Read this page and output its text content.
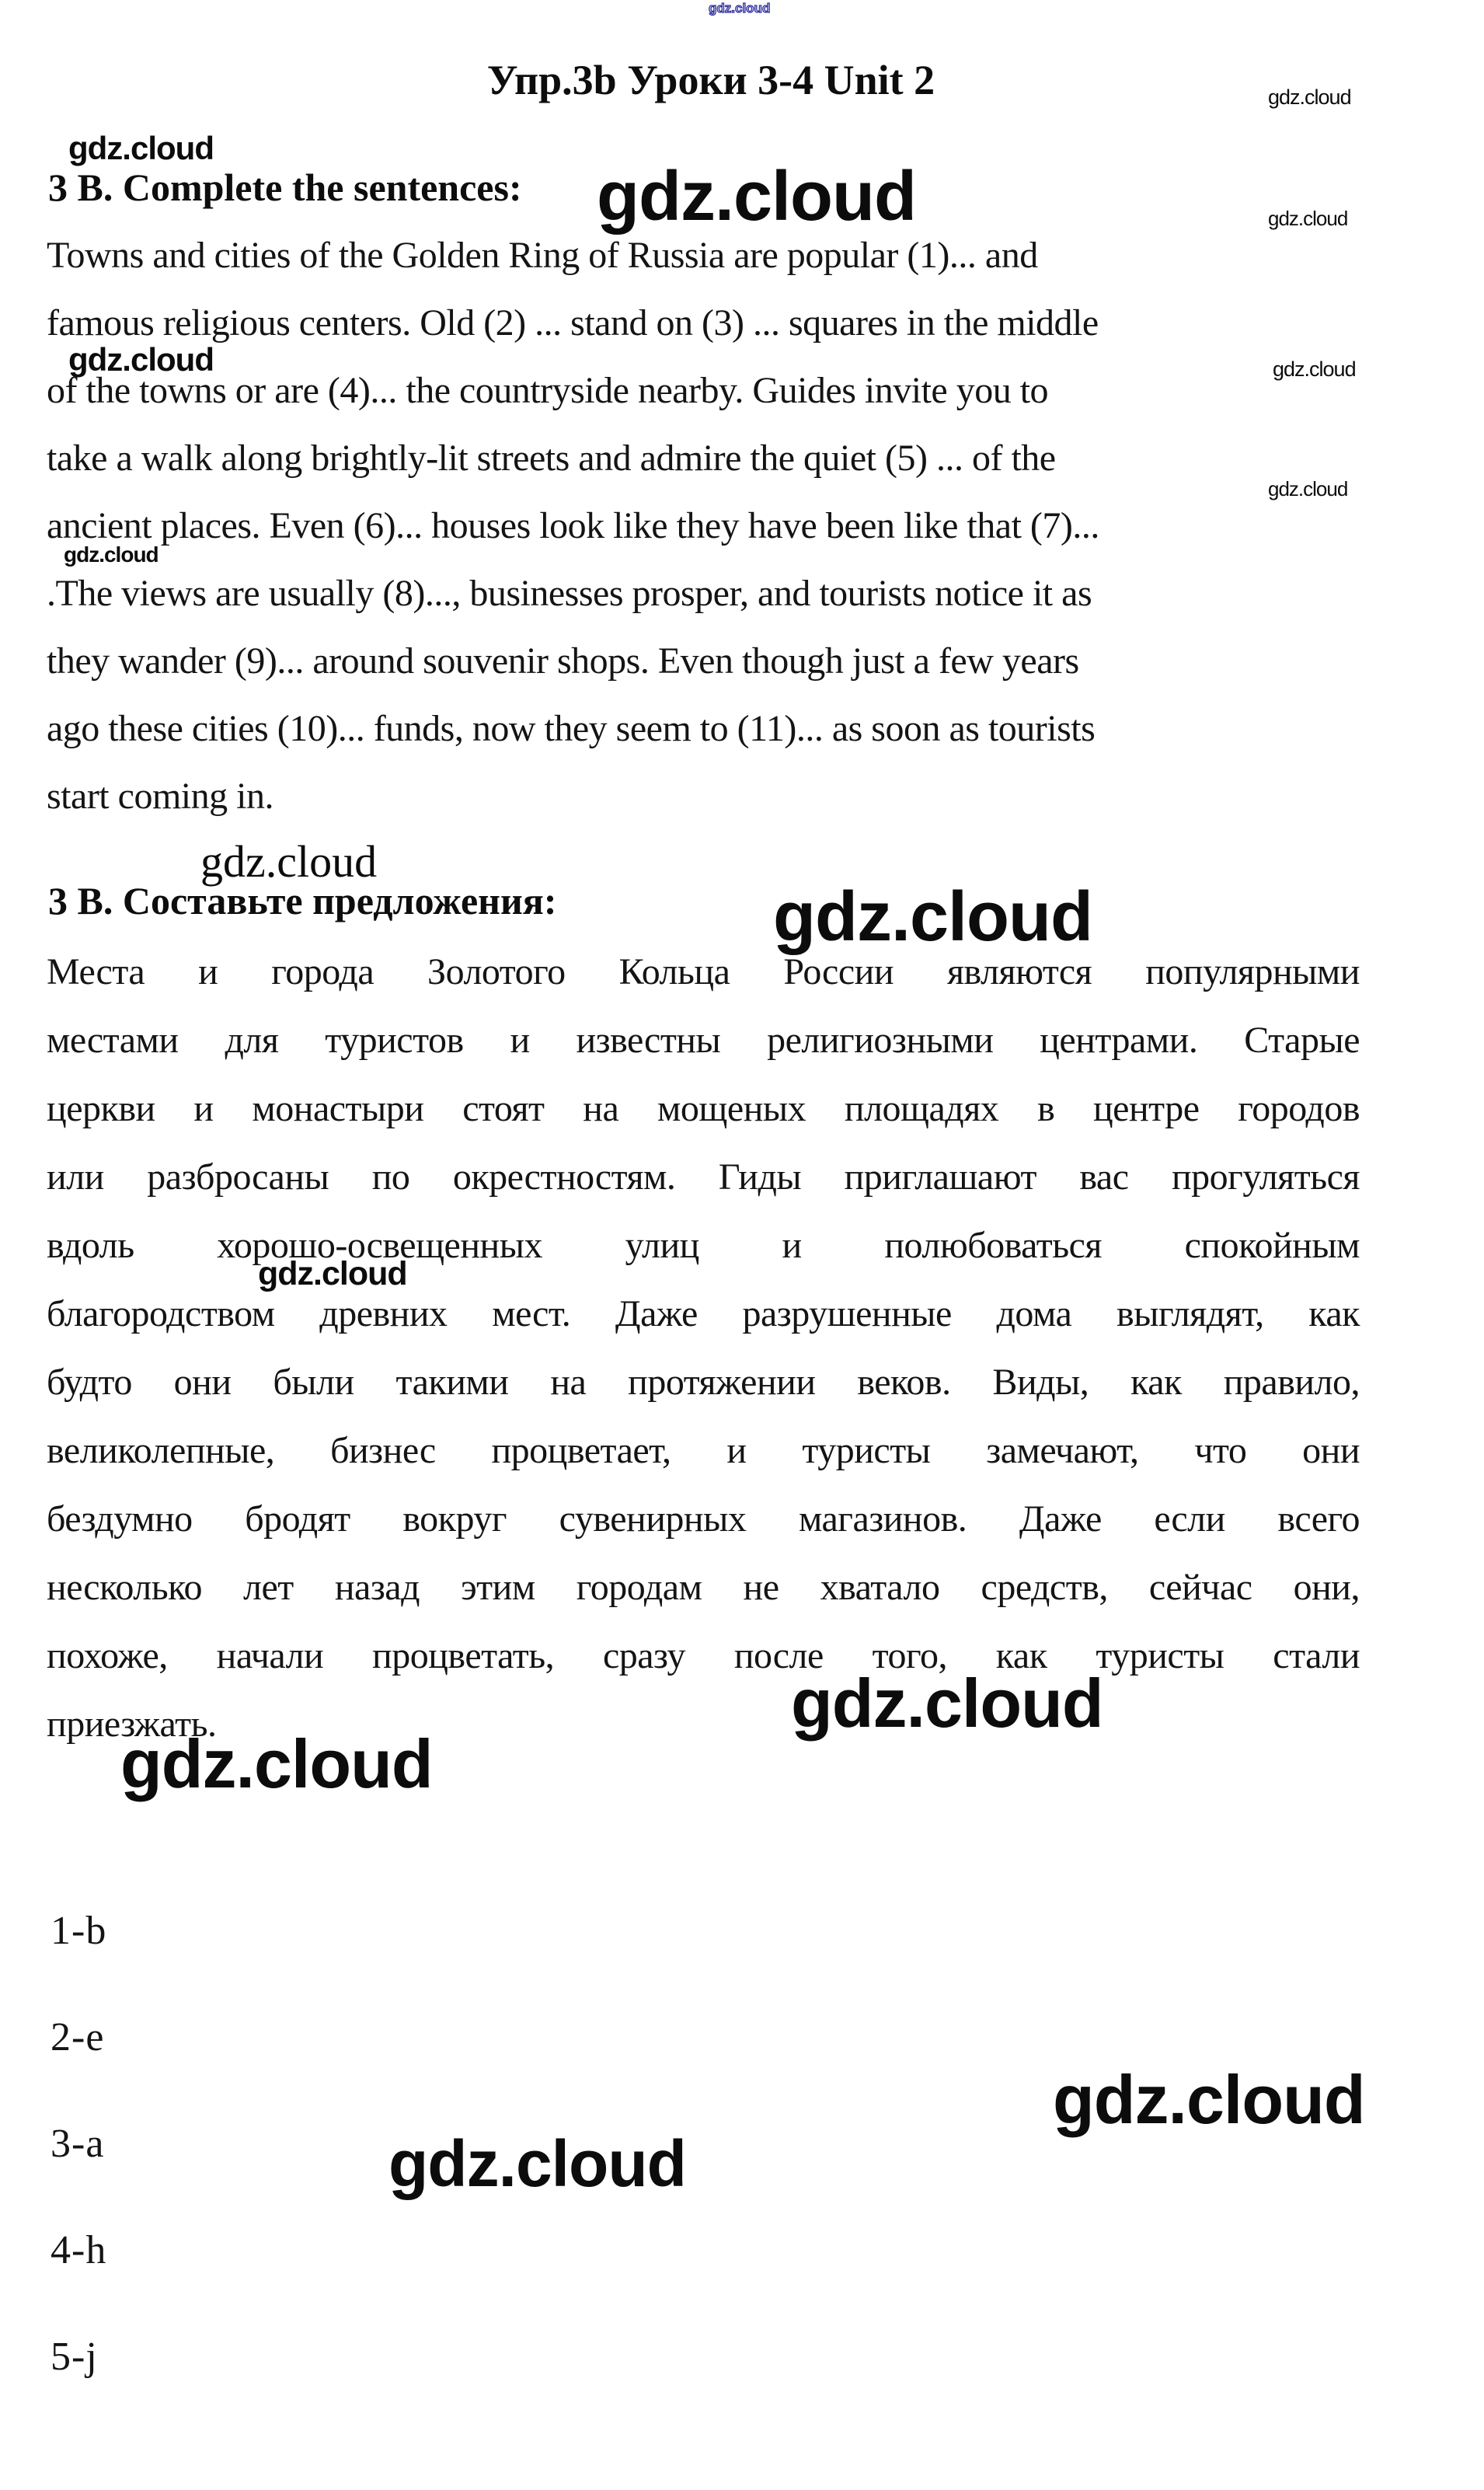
gdz.cloud
gdz.cloud
gdz.cloud
gdz.cloud	gdz.cloud
gdz.cloud	gdz.cloud
gdz.cloud
gdz.cloud
gdz.cloud
gdz.cloud
gdz.cloud
gdz.cloud
gdz.cloud
gdz.cloud
gdz.cloud
Упр.3b Уроки 3-4 Unit 2
3 B. Complete the sentences:
Towns and cities of the Golden Ring of Russia are popular (1)... and
famous religious centers. Old (2) ... stand on (3) ... squares in the middle
of the towns or are (4)... the countryside nearby. Guides invite you to
take a walk along brightly-lit streets and admire the quiet (5) ... of the
ancient places. Even (6)... houses look like they have been like that (7)...
.The views are usually (8)..., businesses prosper, and tourists notice it as
they wander (9)... around souvenir shops. Even though just a few years
ago these cities (10)... funds, now they seem to (11)... as soon as tourists
start coming in.
3 В. Составьте предложения:
Места и города Золотого Кольца России являются популярными
местами для туристов и известны религиозными центрами. Старые
церкви и монастыри стоят на мощеных площадях в центре городов
или разбросаны по окрестностям. Гиды приглашают вас прогуляться
вдоль хорошо-освещенных улиц и полюбоваться спокойным
благородством древних мест. Даже разрушенные дома выглядят, как
будто они были такими на протяжении веков. Виды, как правило,
великолепные, бизнес процветает, и туристы замечают, что они
бездумно бродят вокруг сувенирных магазинов. Даже если всего
несколько лет назад этим городам не хватало средств, сейчас они,
похоже, начали процветать, сразу после того, как туристы стали
приезжать.
1-b
2-e
3-a
4-h
5-j
